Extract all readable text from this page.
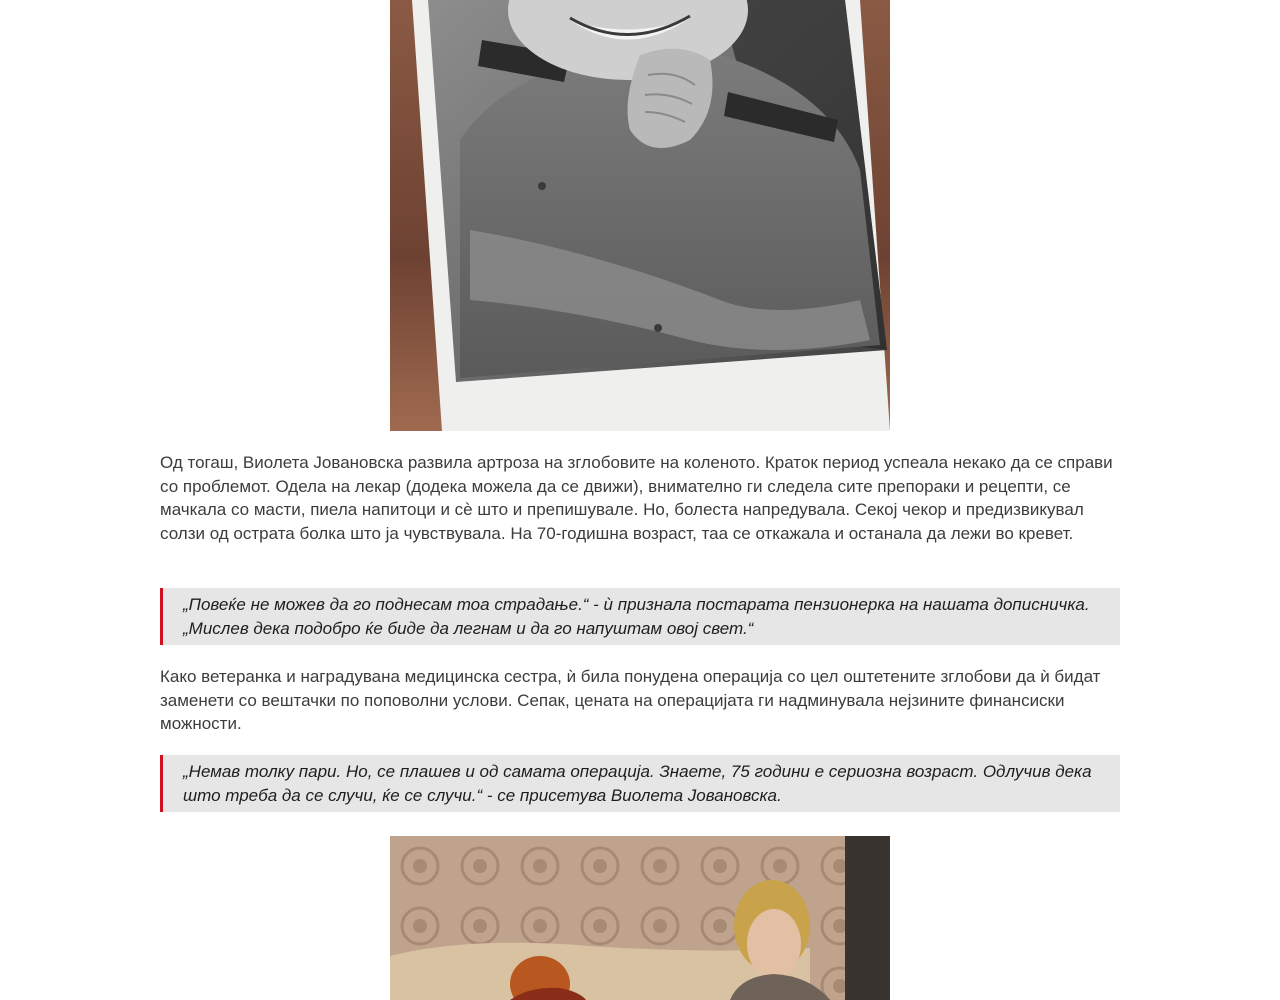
Од тогаш, Виолета Јовановска развила артроза на зглобовите на коленото. Краток период успеала некако да се справи со проблемот. Одела на лекар (додека можела да се движи), внимателно ги следела сите препораки и рецепти, се мачкала со масти, пиела напитоци и сѐ што и препишувале. Но, болеста напредувала. Секој чекор и предизвикувал солзи од острата болка што ја чувствувала. На 70-годишна возраст, таа се откажала и останала да лежи во кревет.

„Повеќе не можев да го поднесам тоа страдање.“ - ѝ признала постарата пензионерка на нашата дописничка. „Мислев дека подобро ќе биде да легнам и да го напуштам овој свет.“

Како ветеранка и наградувана медицинска сестра, ѝ била понудена операција со цел оштетените зглобови да ѝ бидат заменети со вештачки по поповолни услови. Сепак, цената на операцијата ги надминувала нејзините финансиски можности.

„Немав толку пари. Но, се плашев и од самата операција. Знаете, 75 години е сериозна возраст. Одлучив дека што треба да се случи, ќе се случи.“ - се присетува Виолета Јовановска.
